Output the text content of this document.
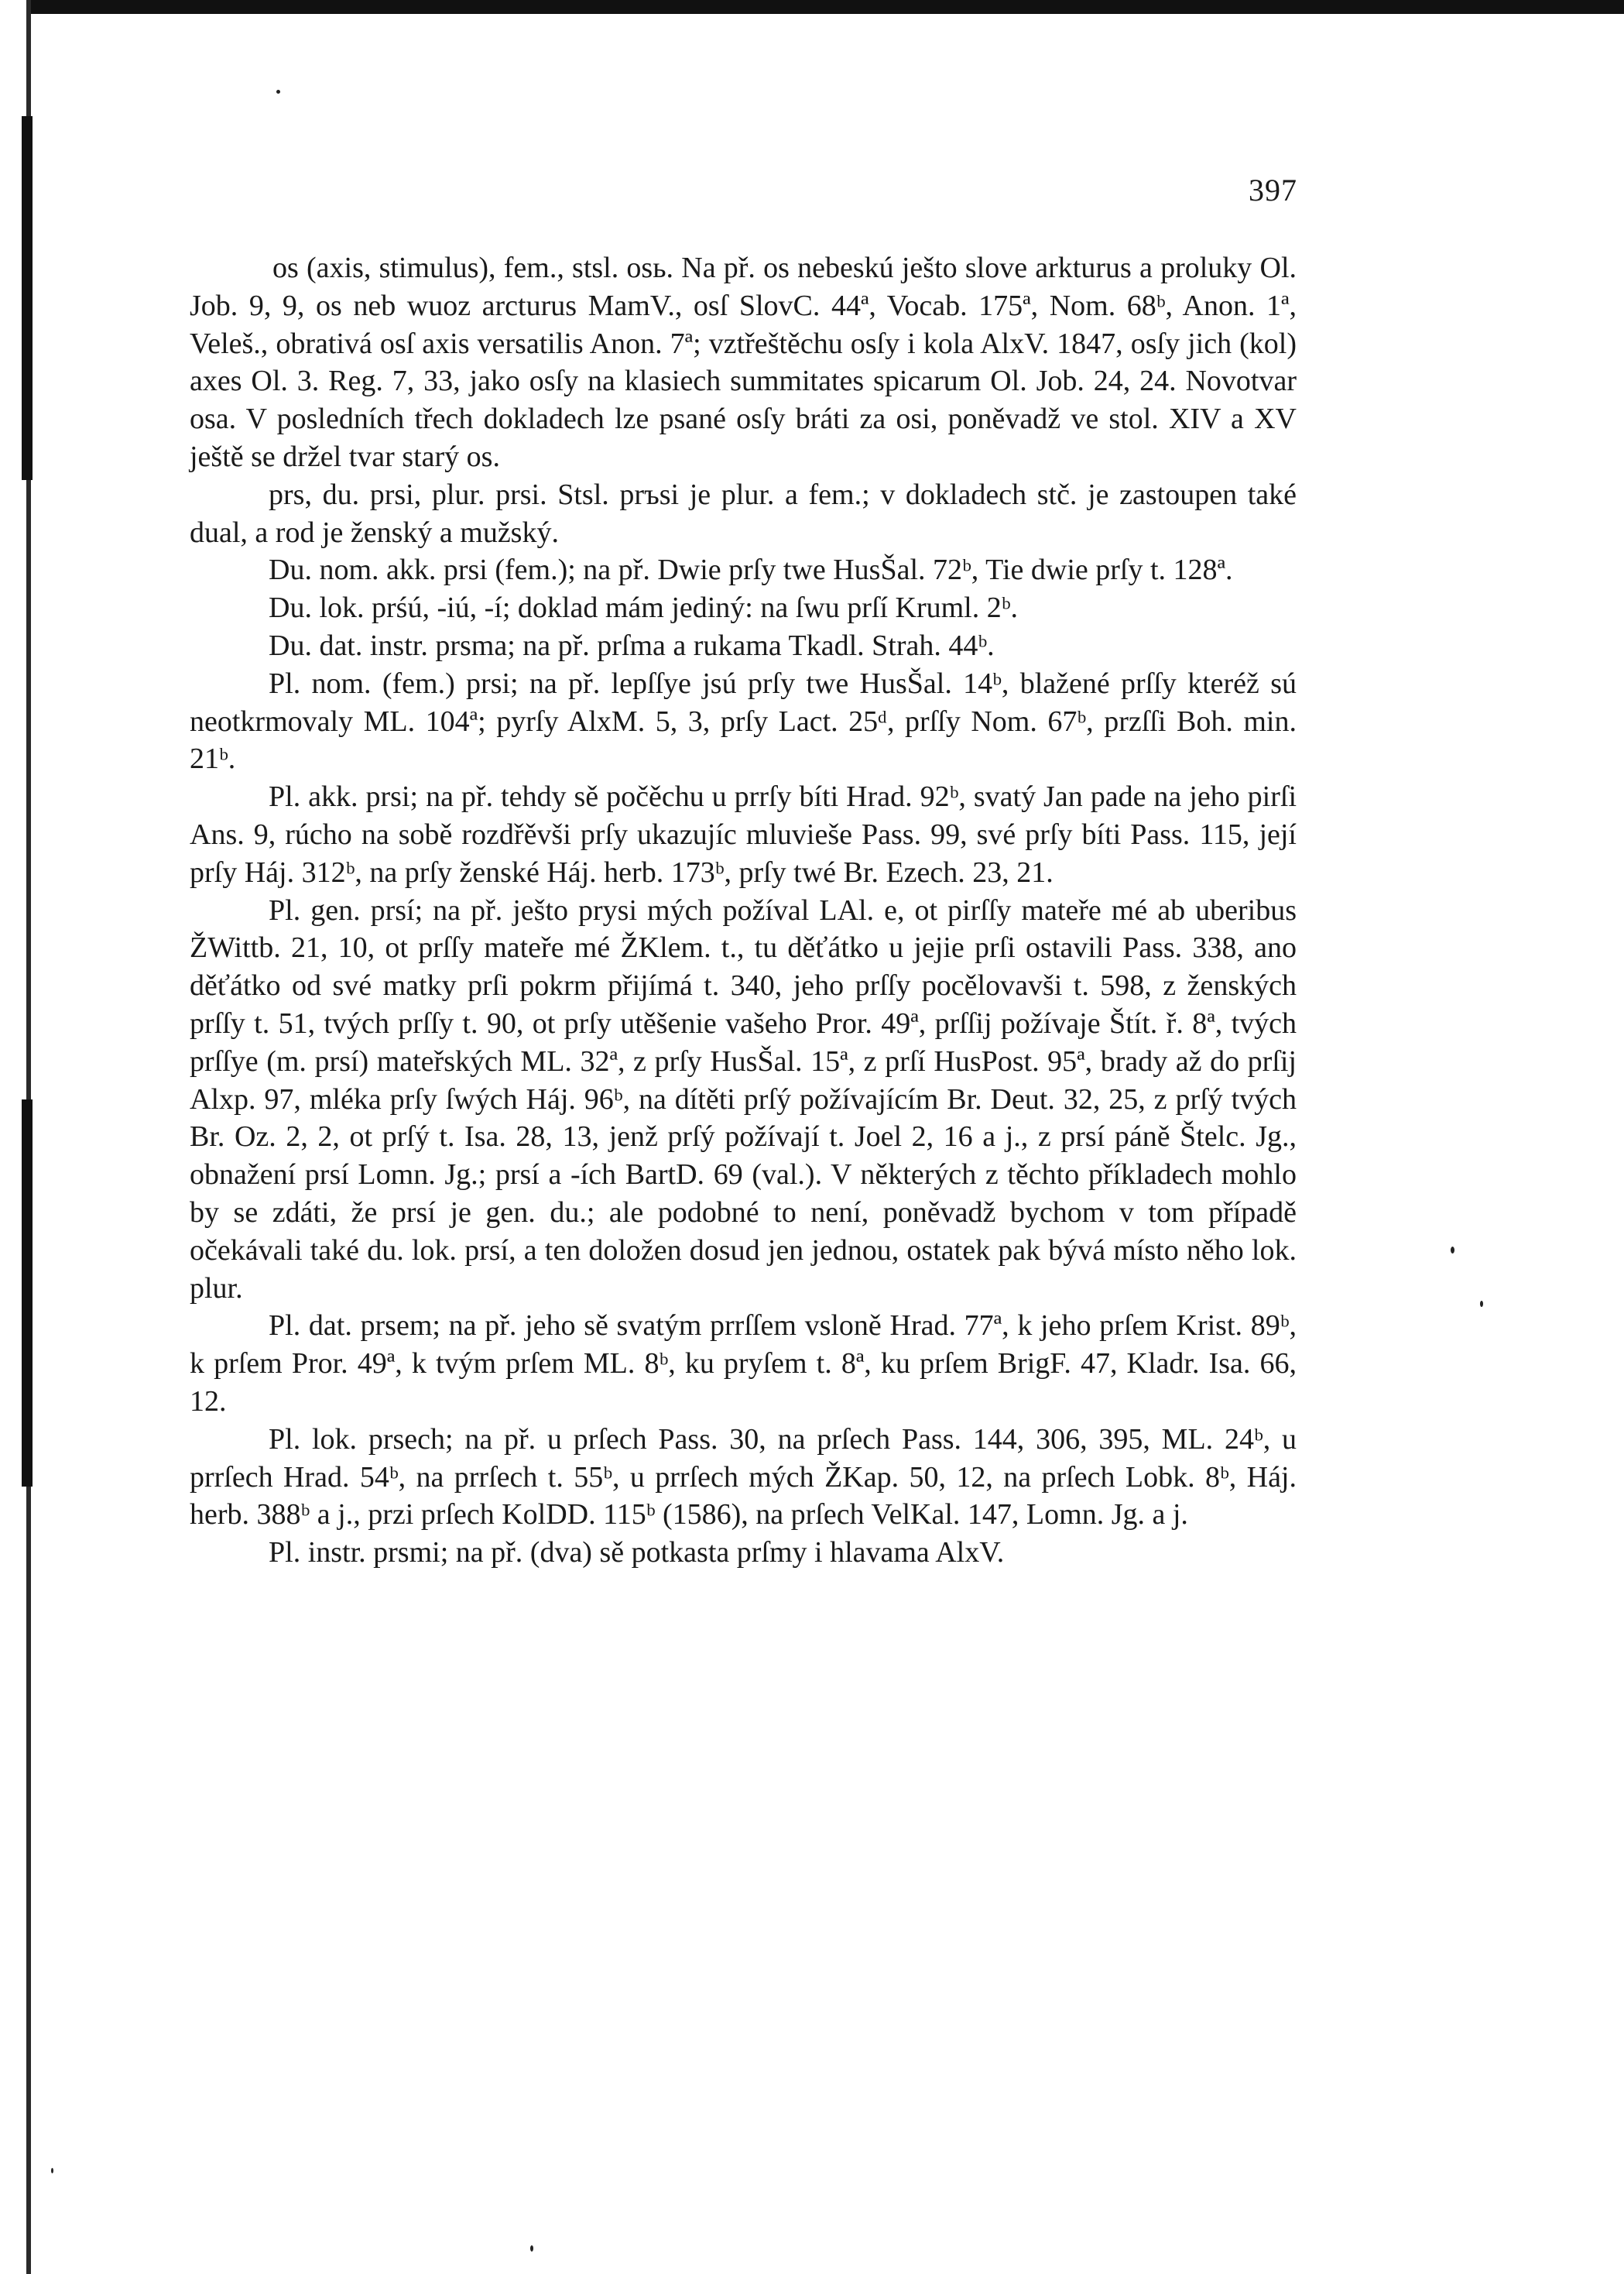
397

os (axis, stimulus), fem., stsl. osь. Na př. os nebeskú ještо slove arkturus a proluky Ol. Job. 9, 9, os neb wuoz arcturus MamV., osſ SlovC. 44ª, Vocab. 175ª, Nom. 68ᵇ, Anon. 1ª, Veleš., obrativá osſ axis versatilis Anon. 7ª; vztřeštěchu osſy i kola AlxV. 1847, osſy jich (kol) axes Ol. 3. Reg. 7, 33, jako osſy na klasiech summitates spicarum Ol. Job. 24, 24. Novotvar osa. V posledních třech dokladech lze psané osſy bráti za osi, poněvadž ve stol. XIV a XV ještě se držel tvar starý os.

prs, du. prsi, plur. prsi. Stsl. prъsi je plur. a fem.; v dokladech stč. je zastoupen také dual, a rod je ženský a mužský.

Du. nom. akk. prsi (fem.); na př. Dwie prſy twe HusŠal. 72ᵇ, Tie dwie prſy t. 128ª.

Du. lok. prśú, -iú, -í; doklad mám jediný: na ſwu prſí Kruml. 2ᵇ.

Du. dat. instr. prsma; na př. prſma a rukama Tkadl. Strah. 44ᵇ.

Pl. nom. (fem.) prsi; na př. lepſſye jsú prſy twe HusŠal. 14ᵇ, blažené prſſy kteréž sú neotkrmovaly ML. 104ª; pyrſy AlxM. 5, 3, prſy Lact. 25ᵈ, prſſy Nom. 67ᵇ, przſſi Boh. min. 21ᵇ.

Pl. akk. prsi; na př. tehdy sě počěchu u prrſy bíti Hrad. 92ᵇ, svatý Jan pade na jeho pirſi Ans. 9, rúcho na sobě rozdřěvši prſy ukazujíc mluvieše Pass. 99, své prſy bíti Pass. 115, její prſy Háj. 312ᵇ, na prſy ženské Háj. herb. 173ᵇ, prſy twé Br. Ezech. 23, 21.

Pl. gen. prsí; na př. ještо prysi mých požíval LAl. e, ot pirſſy mateře mé ab uberibus ŽWittb. 21, 10, ot prſſy mateře mé ŽKlem. t., tu děťátko u jejie prſi ostavili Pass. 338, ano děťátko od své matky prſi pokrm přijímá t. 340, jeho prſſy pocělovavši t. 598, z ženských prſſy t. 51, tvých prſſy t. 90, ot prſy utěšenie vašeho Pror. 49ª, prſſij požívaje Štít. ř. 8ª, tvých prſſye (m. prsí) mateřských ML. 32ª, z prſy HusŠal. 15ª, z prſí HusPost. 95ª, brady až do prſij Alxp. 97, mléka prſy ſwých Háj. 96ᵇ, na dítěti prſý požívajícím Br. Deut. 32, 25, z prſý tvých Br. Oz. 2, 2, ot prſý t. Isa. 28, 13, jenž prſý požívají t. Joel 2, 16 a j., z prsí páně Štelc. Jg., obnažení prsí Lomn. Jg.; prsí a -ích BartD. 69 (val.). V některých z těchto příkladech mohlo by se zdáti, že prsí je gen. du.; ale podobné to není, poněvadž bychom v tom případě očekávali také du. lok. prsí, a ten doložen dosud jen jednou, ostatek pak bývá místo něho lok. plur.

Pl. dat. prsem; na př. jeho sě svatým prrſſem vsloně Hrad. 77ª, k jeho prſem Krist. 89ᵇ, k prſem Pror. 49ª, k tvým prſem ML. 8ᵇ, ku pryſem t. 8ª, ku prſem BrigF. 47, Kladr. Isa. 66, 12.

Pl. lok. prsech; na př. u prſech Pass. 30, na prſech Pass. 144, 306, 395, ML. 24ᵇ, u prrſech Hrad. 54ᵇ, na prrſech t. 55ᵇ, u prrſech mých ŽKap. 50, 12, na prſech Lobk. 8ᵇ, Háj. herb. 388ᵇ a j., przi prſech KolDD. 115ᵇ (1586), na prſech VelKal. 147, Lomn. Jg. a j.

Pl. instr. prsmi; na př. (dva) sě potkasta prſmy i hlavama AlxV.
